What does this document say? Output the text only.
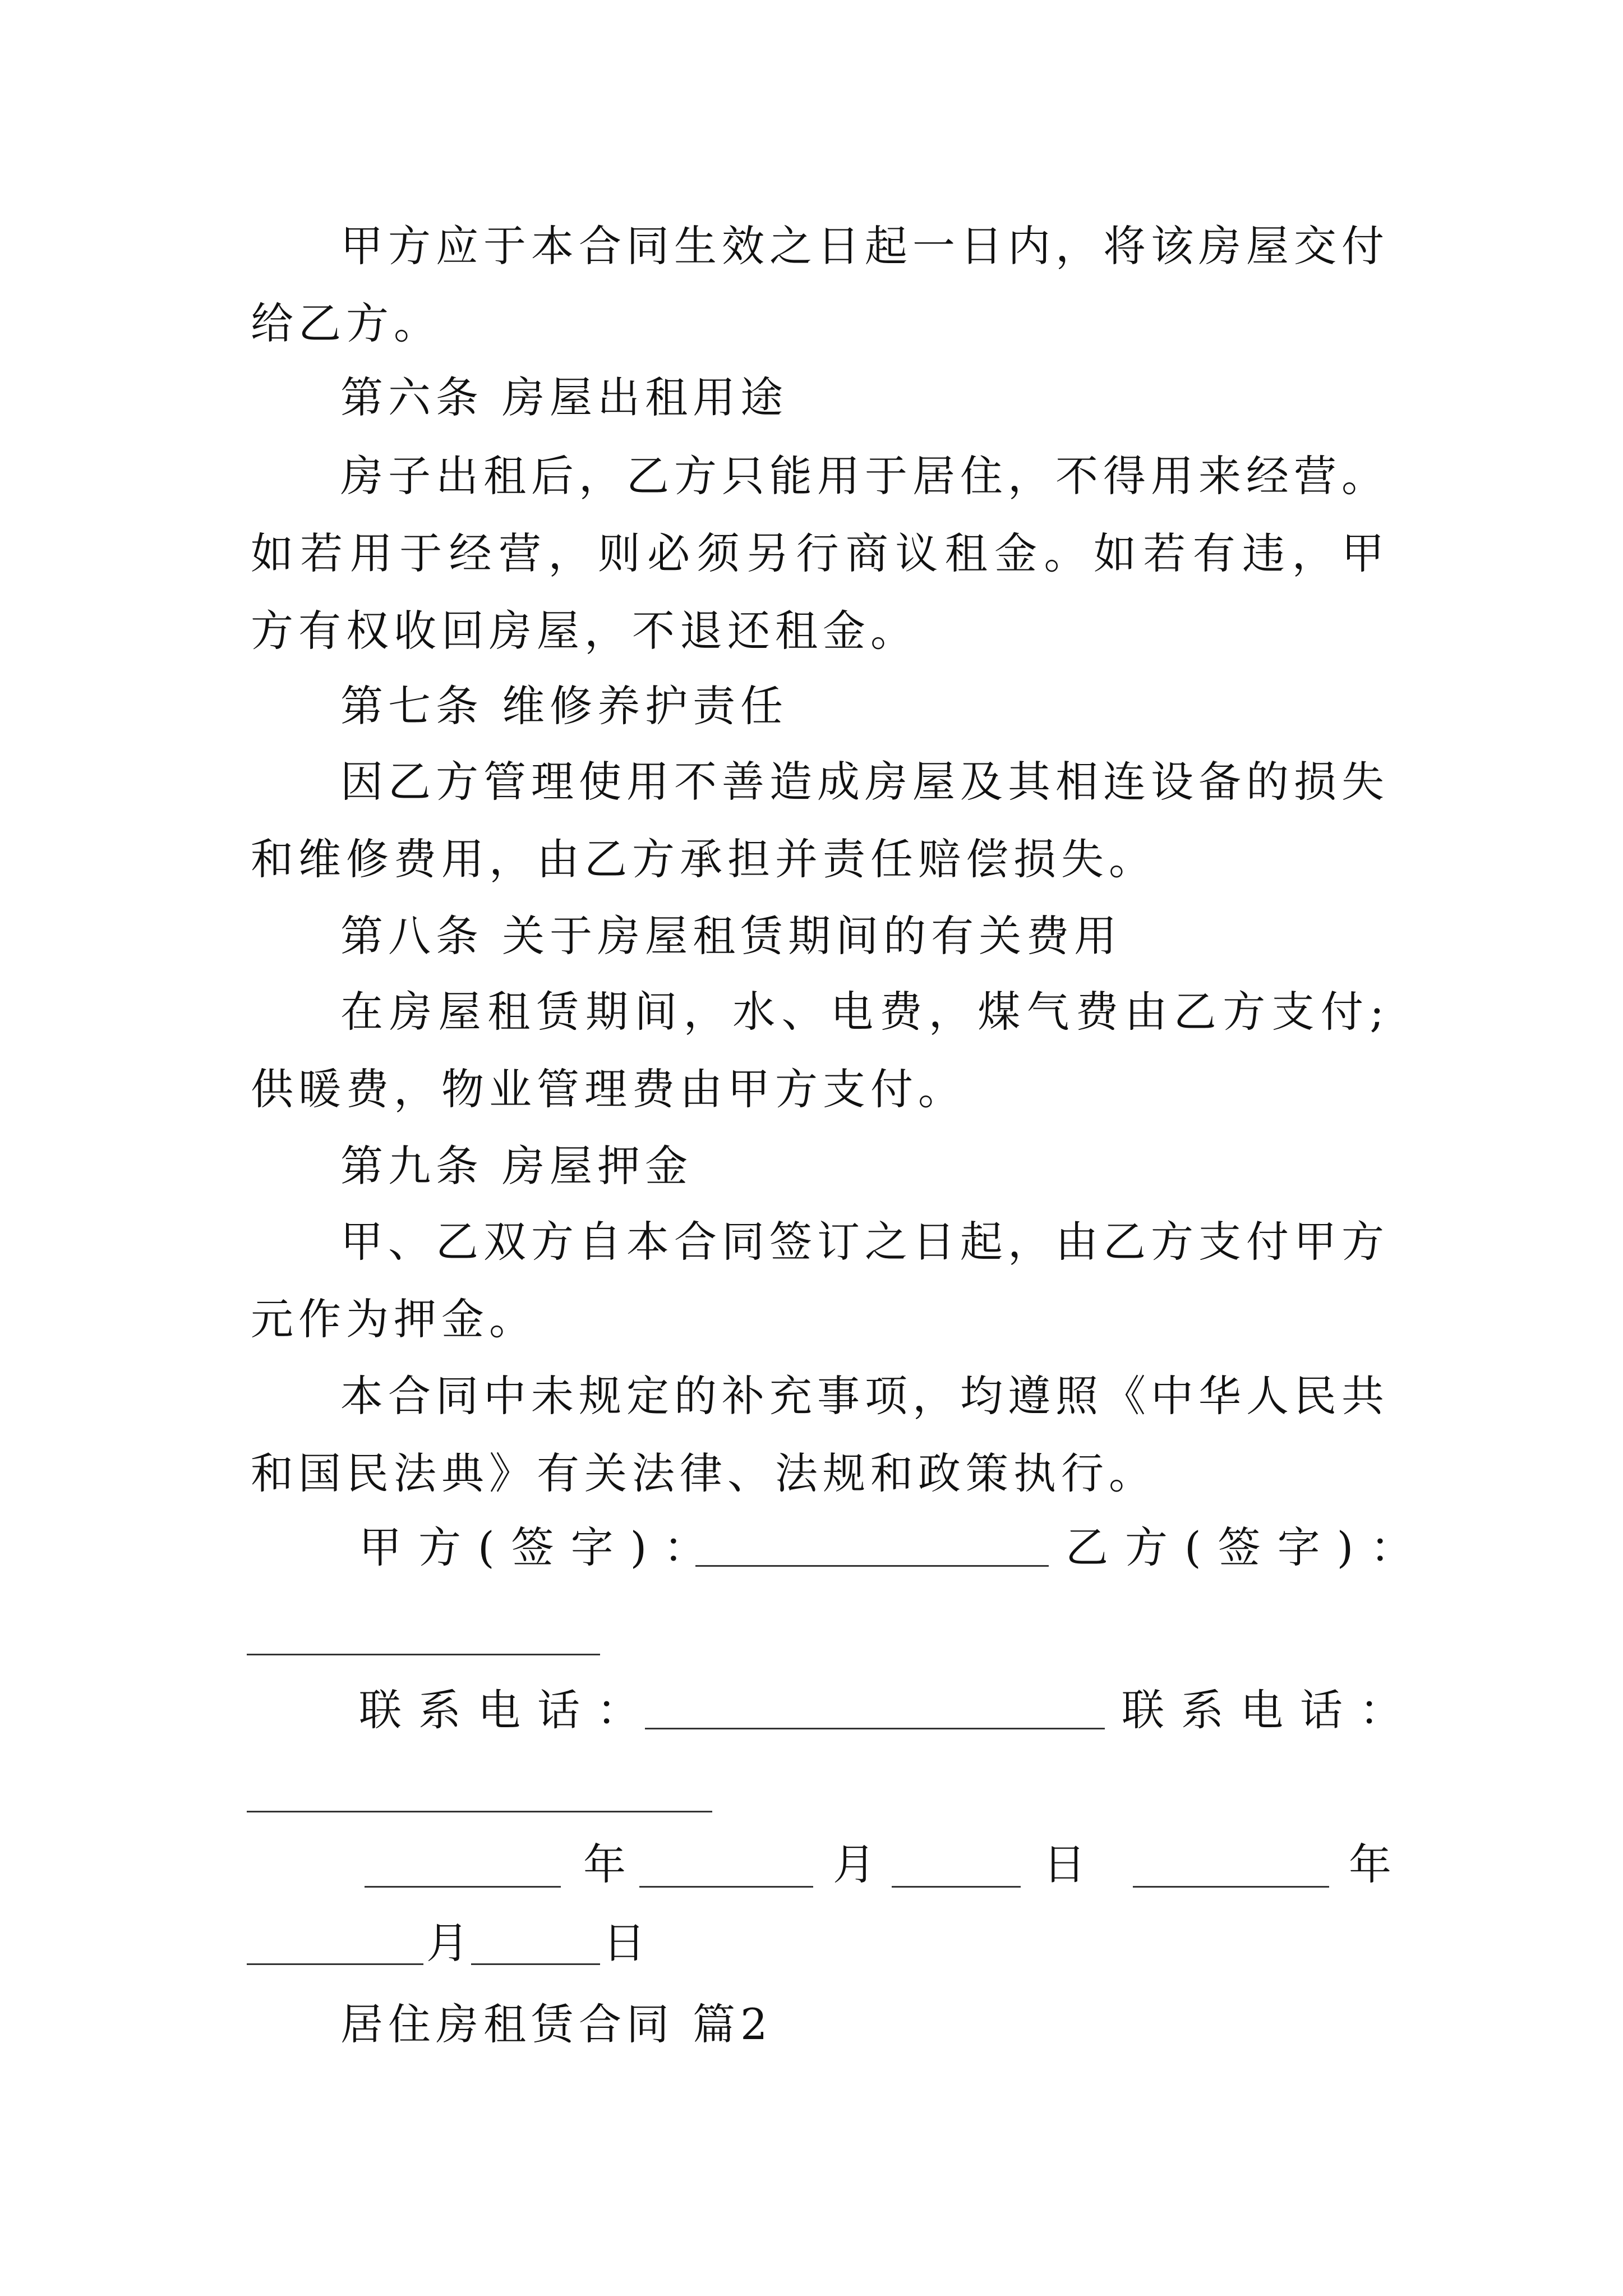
甲方应于本合同生效之日起一日内，将该房屋交付给乙方。

第六条 房屋出租用途

房子出租后，乙方只能用于居住，不得用来经营。如若用于经营，则必须另行商议租金。如若有违，甲方有权收回房屋，不退还租金。

第七条 维修养护责任

因乙方管理使用不善造成房屋及其相连设备的损失和维修费用，由乙方承担并责任赔偿损失。

第八条 关于房屋租赁期间的有关费用

在房屋租赁期间，水、电费，煤气费由乙方支付;供暖费，物业管理费由甲方支付。

第九条 房屋押金

甲、乙双方自本合同签订之日起，由乙方支付甲方 元作为押金。

本合同中未规定的补充事项，均遵照《中华人民共和国民法典》有关法律、法规和政策执行。

甲方(签字)：	乙方(签字)：
联系电话：	联系电话：
年	月	日	年
月	日

居住房租赁合同 篇2
